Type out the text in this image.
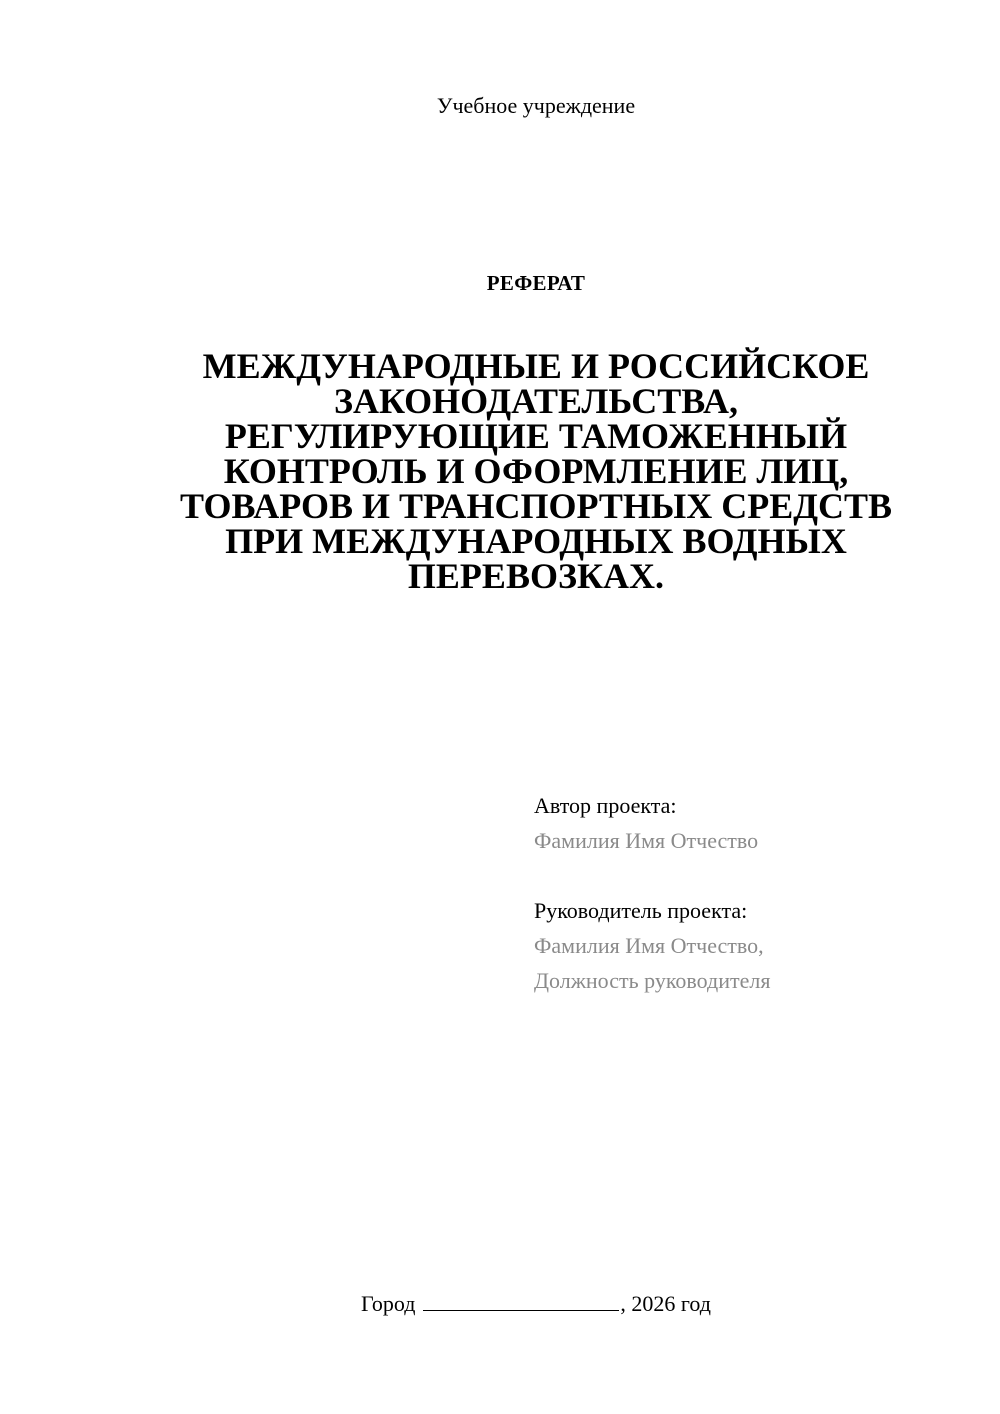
Учебное учреждение
РЕФЕРАТ
МЕЖДУНАРОДНЫЕ И РОССИЙСКОЕ
ЗАКОНОДАТЕЛЬСТВА,
РЕГУЛИРУЮЩИЕ ТАМОЖЕННЫЙ
КОНТРОЛЬ И ОФОРМЛЕНИЕ ЛИЦ,
ТОВАРОВ И ТРАНСПОРТНЫХ СРЕДСТВ
ПРИ МЕЖДУНАРОДНЫХ ВОДНЫХ
ПЕРЕВОЗКАХ.
Автор проекта:
Фамилия Имя Отчество
Руководитель проекта:
Фамилия Имя Отчество,
Должность руководителя
Город	, 2026 год
